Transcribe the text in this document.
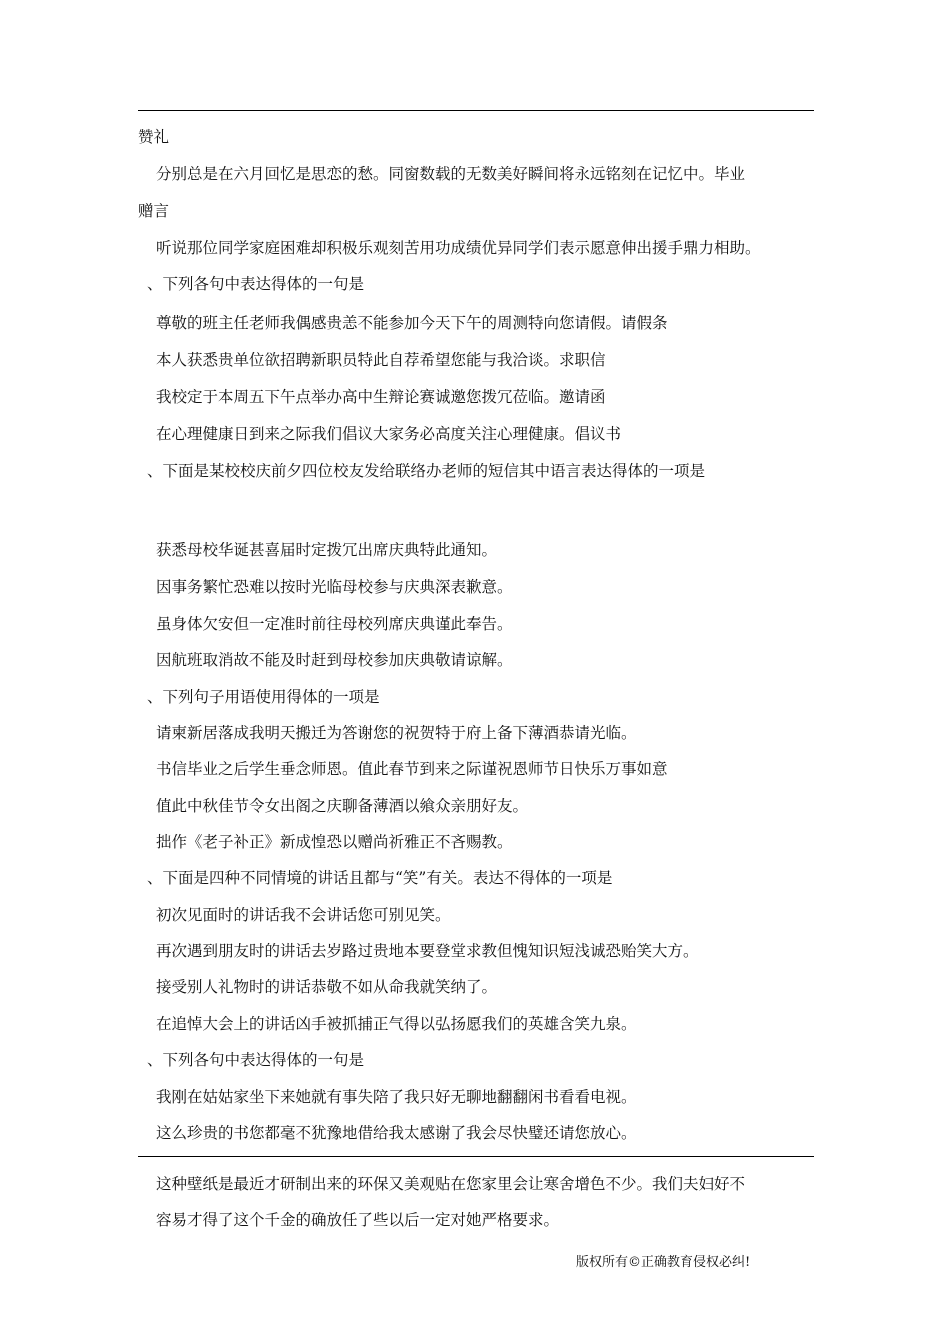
赞礼
分别总是在六月回忆是思恋的愁。同窗数载的无数美好瞬间将永远铭刻在记忆中。毕业
赠言
听说那位同学家庭困难却积极乐观刻苦用功成绩优异同学们表示愿意伸出援手鼎力相助。
、下列各句中表达得体的一句是
尊敬的班主任老师我偶感贵恙不能参加今天下午的周测特向您请假。请假条
本人获悉贵单位欲招聘新职员特此自荐希望您能与我洽谈。求职信
我校定于本周五下午点举办高中生辩论赛诚邀您拨冗莅临。邀请函
在心理健康日到来之际我们倡议大家务必高度关注心理健康。倡议书
、下面是某校校庆前夕四位校友发给联络办老师的短信其中语言表达得体的一项是
获悉母校华诞甚喜届时定拨冗出席庆典特此通知。
因事务繁忙恐难以按时光临母校参与庆典深表歉意。
虽身体欠安但一定准时前往母校列席庆典谨此奉告。
因航班取消故不能及时赶到母校参加庆典敬请谅解。
、下列句子用语使用得体的一项是
请柬新居落成我明天搬迁为答谢您的祝贺特于府上备下薄酒恭请光临。
书信毕业之后学生垂念师恩。值此春节到来之际谨祝恩师节日快乐万事如意
值此中秋佳节令女出阁之庆聊备薄酒以飨众亲朋好友。
拙作《老子补正》新成惶恐以赠尚祈雅正不吝赐教。
、下面是四种不同情境的讲话且都与“笑”有关。表达不得体的一项是
初次见面时的讲话我不会讲话您可别见笑。
再次遇到朋友时的讲话去岁路过贵地本要登堂求教但愧知识短浅诚恐贻笑大方。
接受别人礼物时的讲话恭敬不如从命我就笑纳了。
在追悼大会上的讲话凶手被抓捕正气得以弘扬愿我们的英雄含笑九泉。
、下列各句中表达得体的一句是
我刚在姑姑家坐下来她就有事失陪了我只好无聊地翻翻闲书看看电视。
这么珍贵的书您都毫不犹豫地借给我太感谢了我会尽快璧还请您放心。
这种壁纸是最近才研制出来的环保又美观贴在您家里会让寒舍增色不少。我们夫妇好不
容易才得了这个千金的确放任了些以后一定对她严格要求。
版权所有©正确教育侵权必纠!
